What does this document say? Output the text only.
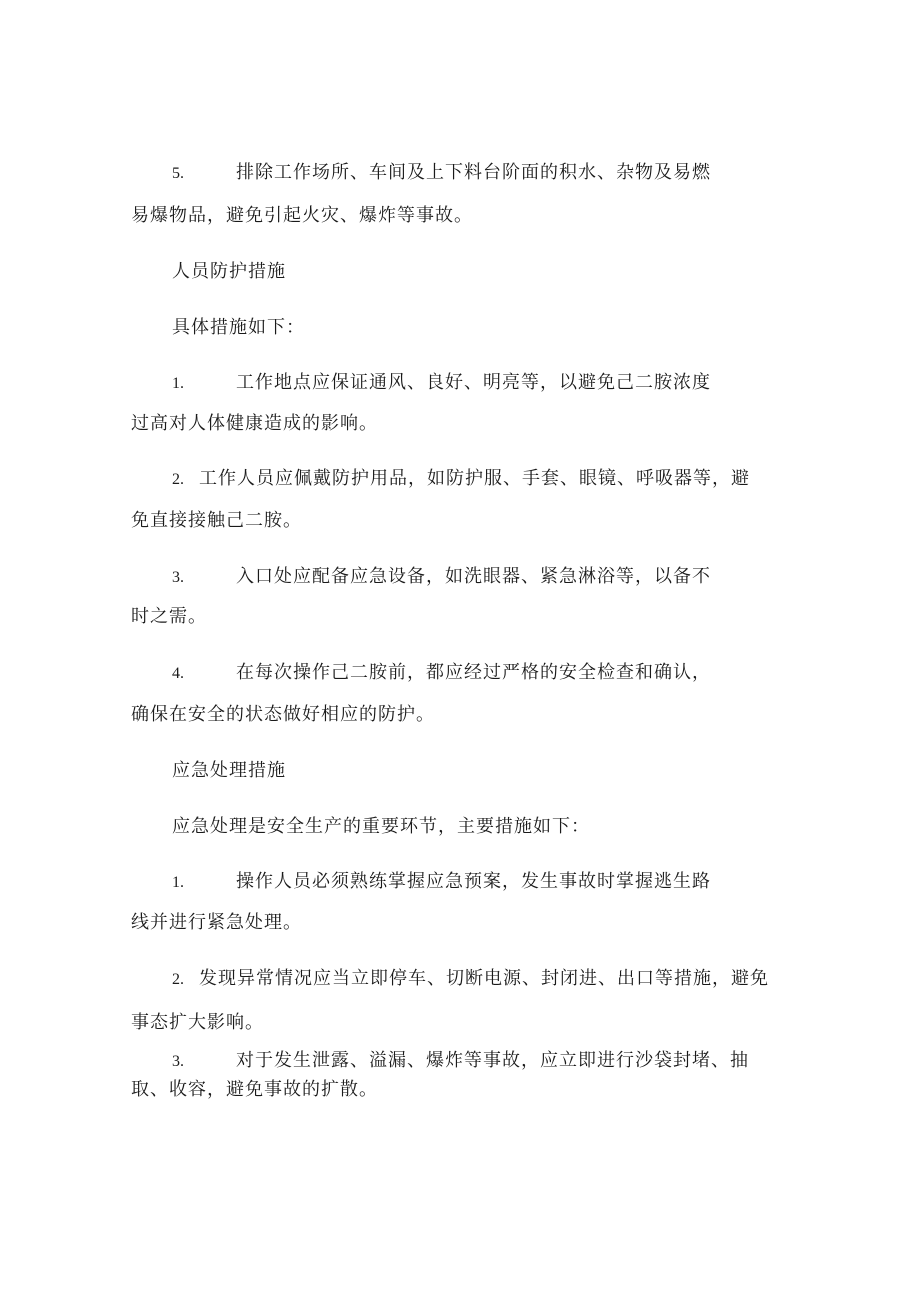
5.	排除工作场所、车间及上下料台阶面的积水、杂物及易燃
易爆物品，避免引起火灾、爆炸等事故。
人员防护措施
具体措施如下：
1.	工作地点应保证通风、良好、明亮等，以避免己二胺浓度
过高对人体健康造成的影响。
2. 工作人员应佩戴防护用品，如防护服、手套、眼镜、呼吸器等，避
免直接接触己二胺。
3.	入口处应配备应急设备，如洗眼器、紧急淋浴等，以备不
时之需。
4.	在每次操作己二胺前，都应经过严格的安全检查和确认，
确保在安全的状态做好相应的防护。
应急处理措施
应急处理是安全生产的重要环节，主要措施如下：
1.	操作人员必须熟练掌握应急预案，发生事故时掌握逃生路
线并进行紧急处理。
2. 发现异常情况应当立即停车、切断电源、封闭进、出口等措施，避免
事态扩大影响。
3.	对于发生泄露、溢漏、爆炸等事故，应立即进行沙袋封堵、抽
取、收容，避免事故的扩散。
